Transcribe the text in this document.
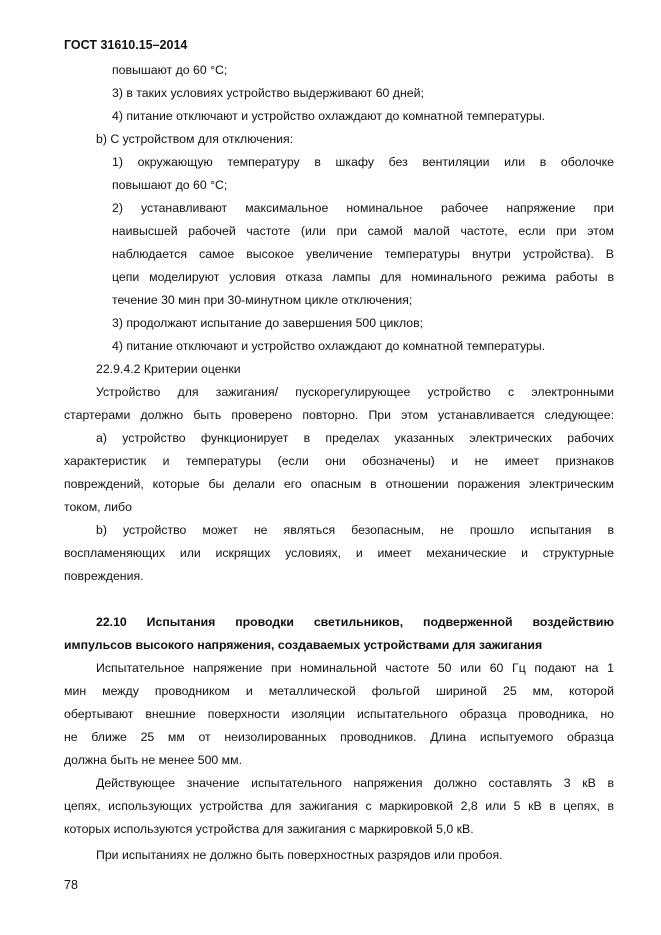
ГОСТ 31610.15–2014
повышают до 60 °С;
3) в таких условиях устройство выдерживают 60 дней;
4) питание отключают и устройство охлаждают до комнатной температуры.
b) С устройством для отключения:
1) окружающую температуру в шкафу без вентиляции или в оболочке
повышают до 60 °С;
2) устанавливают максимальное номинальное рабочее напряжение при
наивысшей рабочей частоте (или при самой малой частоте, если при этом
наблюдается самое высокое увеличение температуры внутри устройства). В
цепи моделируют условия отказа лампы для номинального режима работы в
течение 30 мин при 30-минутном цикле отключения;
3) продолжают испытание до завершения 500 циклов;
4) питание отключают и устройство охлаждают до комнатной температуры.
22.9.4.2 Критерии оценки
Устройство для зажигания/ пускорегулирующее устройство с электронными
стартерами должно быть проверено повторно. При этом устанавливается следующее:
а) устройство функционирует в пределах указанных электрических рабочих
характеристик и температуры (если они обозначены) и не имеет признаков
повреждений, которые бы делали его опасным в отношении поражения электрическим
током, либо
b) устройство может не являться безопасным, не прошло испытания в
воспламеняющих или искрящих условиях, и имеет механические и структурные
повреждения.
22.10 Испытания проводки светильников, подверженной воздействию
импульсов высокого напряжения, создаваемых устройствами для зажигания
Испытательное напряжение при номинальной частоте 50 или 60 Гц подают на 1
мин между проводником и металлической фольгой шириной 25 мм, которой
обертывают внешние поверхности изоляции испытательного образца проводника, но
не ближе 25 мм от неизолированных проводников. Длина испытуемого образца
должна быть не менее 500 мм.
Действующее значение испытательного напряжения должно составлять 3 кВ в
цепях, использующих устройства для зажигания с маркировкой 2,8 или 5 кВ в цепях, в
которых используются устройства для зажигания с маркировкой 5,0 кВ.
При испытаниях не должно быть поверхностных разрядов или пробоя.
78
